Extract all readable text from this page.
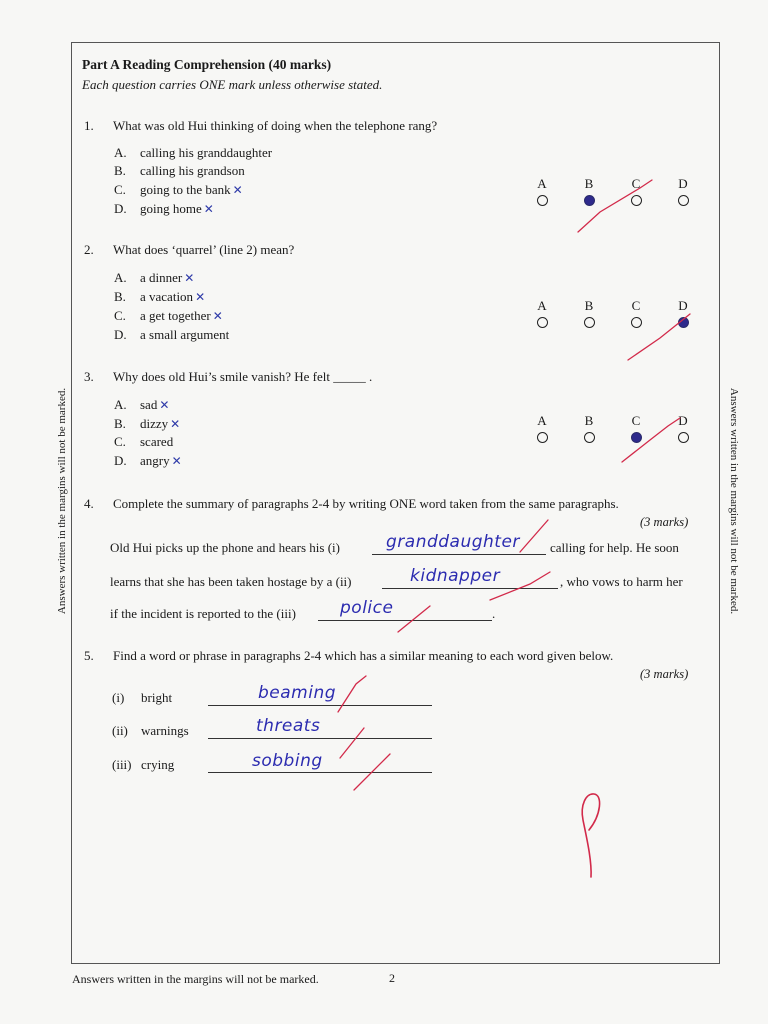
Part A Reading Comprehension (40 marks)
Each question carries ONE mark unless otherwise stated.
1. What was old Hui thinking of doing when the telephone rang?
A. calling his granddaughter
B. calling his grandson
C. going to the bank ✕
D. going home ✕
A	B	C	D
2. What does ‘quarrel’ (line 2) mean?
A. a dinner ✕
B. a vacation ✕
C. a get together ✕
D. a small argument
A	B	C	D
3. Why does old Hui’s smile vanish? He felt _____ .
A. sad ✕
B. dizzy ✕
C. scared
D. angry ✕
A	B	C	D
4. Complete the summary of paragraphs 2-4 by writing ONE word taken from the same paragraphs.
(3 marks)
Old Hui picks up the phone and hears his (i)	granddaughter calling for help. He soon
learns that she has been taken hostage by a (ii)	kidnapper	, who vows to harm her
if the incident is reported to the (iii)	police	.
5. Find a word or phrase in paragraphs 2-4 which has a similar meaning to each word given below.
(3 marks)
(i) bright	beaming
(ii) warnings	threats
(iii) crying	sobbing
Answers written in the margins will not be marked.	Answers written in the margins will not be marked.
Answers written in the margins will not be marked.	2
